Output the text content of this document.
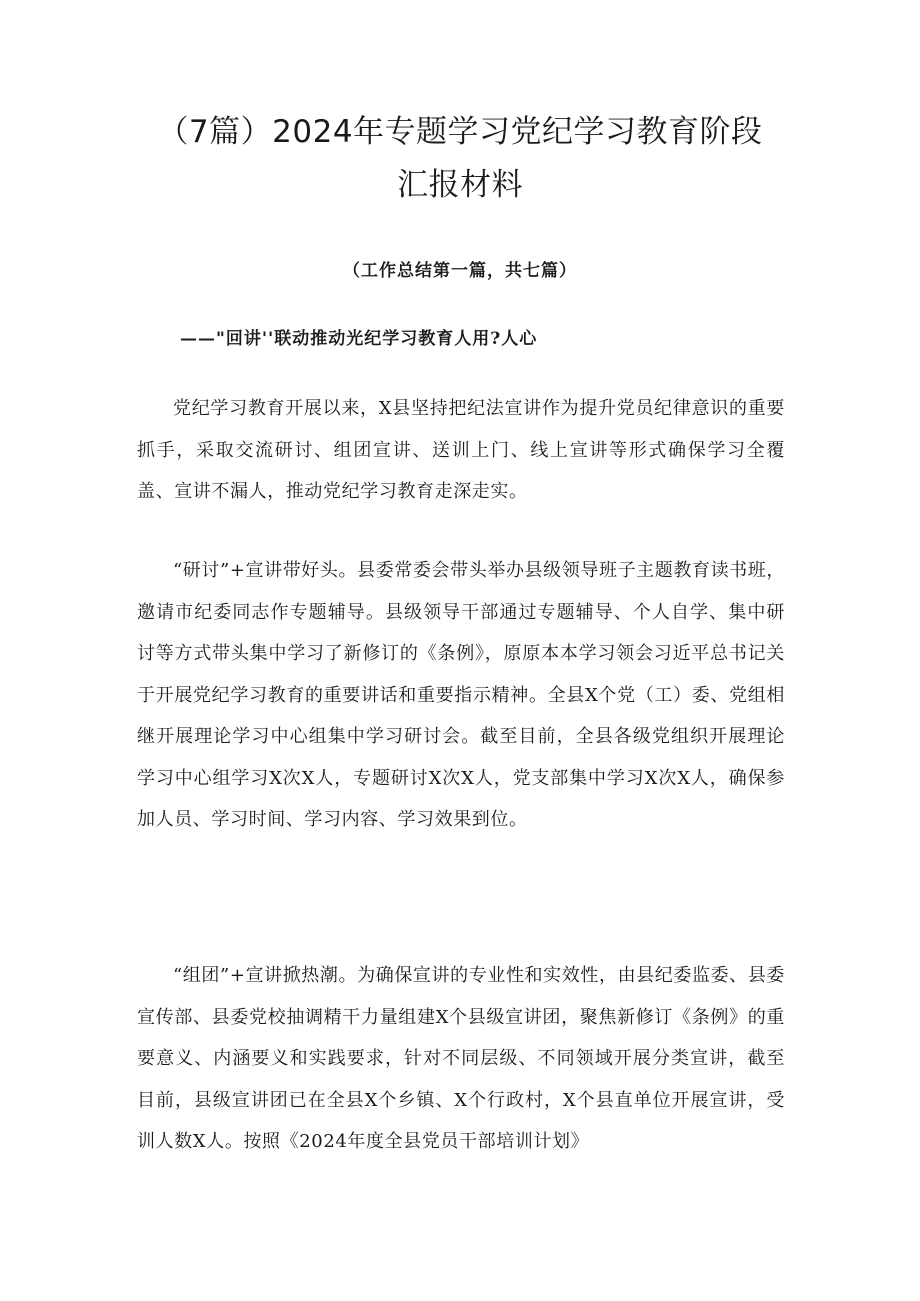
（7篇）2024年专题学习党纪学习教育阶段
汇报材料

（工作总结第一篇，共七篇）

——"回讲''联动推动光纪学习教育人用?人心

党纪学习教育开展以来，X县坚持把纪法宣讲作为提升党员纪律意识的重要抓手，采取交流研讨、组团宣讲、送训上门、线上宣讲等形式确保学习全覆盖、宣讲不漏人，推动党纪学习教育走深走实。

“研讨”+宣讲带好头。县委常委会带头举办县级领导班子主题教育读书班，邀请市纪委同志作专题辅导。县级领导干部通过专题辅导、个人自学、集中研讨等方式带头集中学习了新修订的《条例》，原原本本学习领会习近平总书记关于开展党纪学习教育的重要讲话和重要指示精神。全县X个党（工）委、党组相继开展理论学习中心组集中学习研讨会。截至目前，全县各级党组织开展理论学习中心组学习X次X人，专题研讨X次X人，党支部集中学习X次X人，确保参加人员、学习时间、学习内容、学习效果到位。

“组团”+宣讲掀热潮。为确保宣讲的专业性和实效性，由县纪委监委、县委宣传部、县委党校抽调精干力量组建X个县级宣讲团，聚焦新修订《条例》的重要意义、内涵要义和实践要求，针对不同层级、不同领域开展分类宣讲，截至目前，县级宣讲团已在全县X个乡镇、X个行政村，X个县直单位开展宣讲，受训人数X人。按照《2024年度全县党员干部培训计划》
